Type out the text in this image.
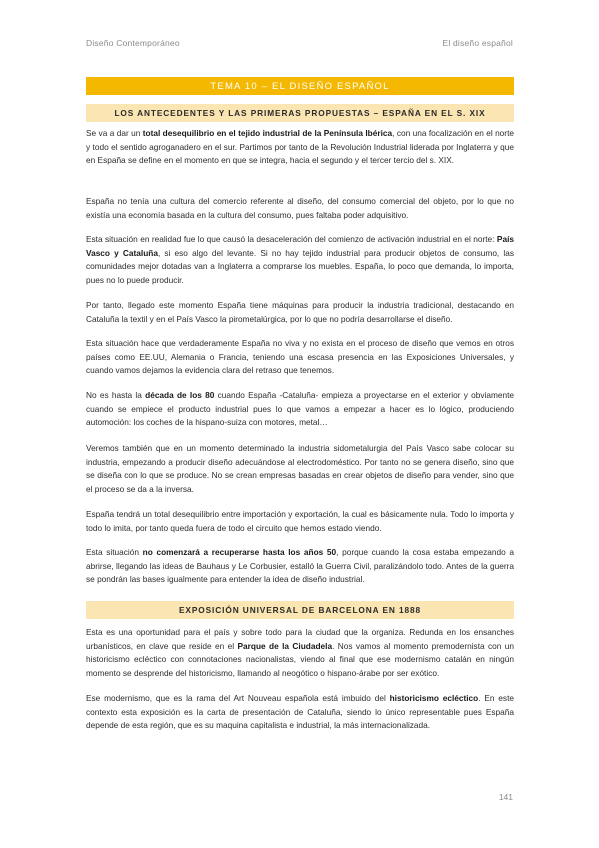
Diseño Contemporáneo	El diseño español
TEMA 10 – EL DISEÑO ESPAÑOL
LOS ANTECEDENTES Y LAS PRIMERAS PROPUESTAS – ESPAÑA EN EL S. XIX

Se va a dar un total desequilibrio en el tejido industrial de la Península Ibérica, con una focalización en el norte y todo el sentido agroganadero en el sur. Partimos por tanto de la Revolución Industrial liderada por Inglaterra y que en España se define en el momento en que se integra, hacia el segundo y el tercer tercio del s. XIX.

España no tenía una cultura del comercio referente al diseño, del consumo comercial del objeto, por lo que no existía una economía basada en la cultura del consumo, pues faltaba poder adquisitivo.

Esta situación en realidad fue lo que causó la desaceleración del comienzo de activación industrial en el norte: País Vasco y Cataluña, si eso algo del levante. Si no hay tejido industrial para producir objetos de consumo, las comunidades mejor dotadas van a Inglaterra a comprarse los muebles. España, lo poco que demanda, lo importa, pues no lo puede producir.

Por tanto, llegado este momento España tiene máquinas para producir la industria tradicional, destacando en Cataluña la textil y en el País Vasco la pirometalúrgica, por lo que no podría desarrollarse el diseño.

Esta situación hace que verdaderamente España no viva y no exista en el proceso de diseño que vemos en otros países como EE.UU, Alemania o Francia, teniendo una escasa presencia en las Exposiciones Universales, y cuando vamos dejamos la evidencia clara del retraso que tenemos.

No es hasta la década de los 80 cuando España -Cataluña- empieza a proyectarse en el exterior y obviamente cuando se empiece el producto industrial pues lo que vamos a empezar a hacer es lo lógico, produciendo automoción: los coches de la hispano-suiza con motores, metal…

Veremos también que en un momento determinado la industria sidometalurgia del País Vasco sabe colocar su industria, empezando a producir diseño adecuándose al electrodoméstico. Por tanto no se genera diseño, sino que se diseña con lo que se produce. No se crean empresas basadas en crear objetos de diseño para vender, sino que el proceso se da a la inversa.

España tendrá un total desequilibrio entre importación y exportación, la cual es básicamente nula. Todo lo importa y todo lo imita, por tanto queda fuera de todo el circuito que hemos estado viendo.

Esta situación no comenzará a recuperarse hasta los años 50, porque cuando la cosa estaba empezando a abrirse, llegando las ideas de Bauhaus y Le Corbusier, estalló la Guerra Civil, paralizándolo todo. Antes de la guerra se pondrán las bases igualmente para entender la idea de diseño industrial.

EXPOSICIÓN UNIVERSAL DE BARCELONA EN 1888

Esta es una oportunidad para el país y sobre todo para la ciudad que la organiza. Redunda en los ensanches urbanísticos, en clave que reside en el Parque de la Ciudadela. Nos vamos al momento premodernista con un historicismo ecléctico con connotaciones nacionalistas, viendo al final que ese modernismo catalán en ningún momento se desprende del historicismo, llamando al neogótico o hispano-árabe por ser exótico.

Ese modernismo, que es la rama del Art Nouveau española está imbuido del historicismo ecléctico. En este contexto esta exposición es la carta de presentación de Cataluña, siendo lo único representable pues España depende de esta región, que es su maquina capitalista e industrial, la más internacionalizada.

141
